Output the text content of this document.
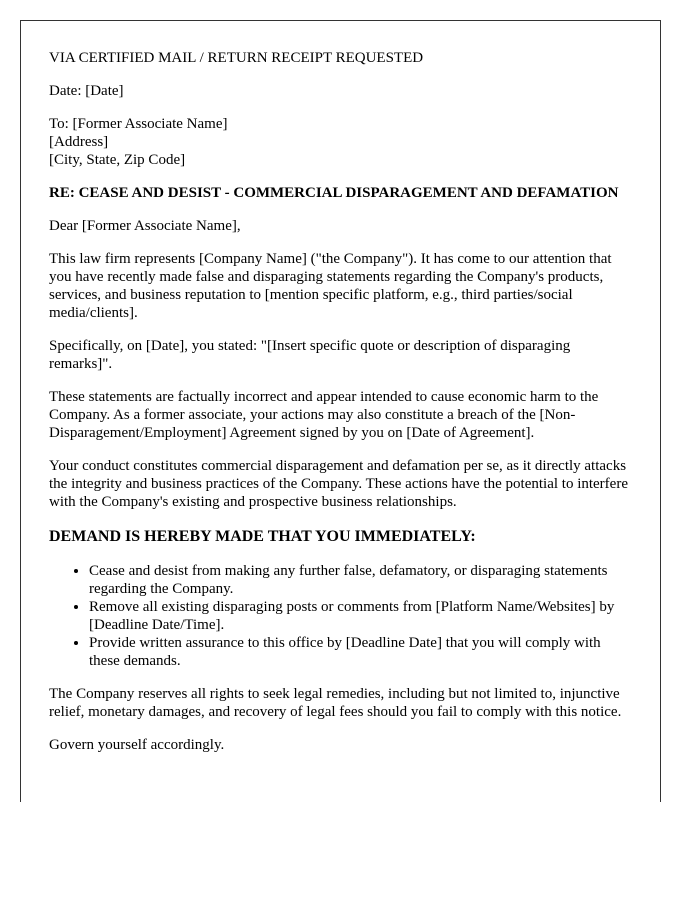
VIA CERTIFIED MAIL / RETURN RECEIPT REQUESTED

Date: [Date]

To: [Former Associate Name]
[Address]
[City, State, Zip Code]

RE: CEASE AND DESIST - COMMERCIAL DISPARAGEMENT AND DEFAMATION

Dear [Former Associate Name],

This law firm represents [Company Name] ("the Company"). It has come to our attention that you have recently made false and disparaging statements regarding the Company's products, services, and business reputation to [mention specific platform, e.g., third parties/social media/clients].

Specifically, on [Date], you stated: "[Insert specific quote or description of disparaging remarks]".

These statements are factually incorrect and appear intended to cause economic harm to the Company. As a former associate, your actions may also constitute a breach of the [Non-Disparagement/Employment] Agreement signed by you on [Date of Agreement].

Your conduct constitutes commercial disparagement and defamation per se, as it directly attacks the integrity and business practices of the Company. These actions have the potential to interfere with the Company's existing and prospective business relationships.

DEMAND IS HEREBY MADE THAT YOU IMMEDIATELY:
• Cease and desist from making any further false, defamatory, or disparaging statements regarding the Company.
• Remove all existing disparaging posts or comments from [Platform Name/Websites] by [Deadline Date/Time].
• Provide written assurance to this office by [Deadline Date] that you will comply with these demands.

The Company reserves all rights to seek legal remedies, including but not limited to, injunctive relief, monetary damages, and recovery of legal fees should you fail to comply with this notice.

Govern yourself accordingly.
